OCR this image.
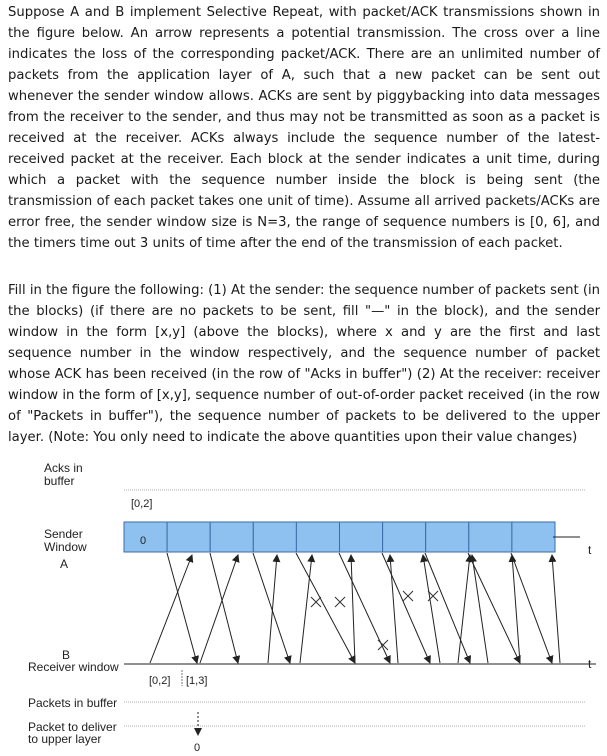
Suppose A and B implement Selective Repeat, with packet/ACK transmissions shown in the figure below. An arrow represents a potential transmission. The cross over a line indicates the loss of the corresponding packet/ACK. There are an unlimited number of packets from the application layer of A, such that a new packet can be sent out whenever the sender window allows. ACKs are sent by piggybacking into data messages from the receiver to the sender, and thus may not be transmitted as soon as a packet is received at the receiver. ACKs always include the sequence number of the latest-received packet at the receiver. Each block at the sender indicates a unit time, during which a packet with the sequence number inside the block is being sent (the transmission of each packet takes one unit of time). Assume all arrived packets/ACKs are error free, the sender window size is N=3, the range of sequence numbers is [0, 6], and the timers time out 3 units of time after the end of the transmission of each packet.

Fill in the figure the following: (1) At the sender: the sequence number of packets sent (in the blocks) (if there are no packets to be sent, fill "—" in the block), and the sender window in the form [x,y] (above the blocks), where x and y are the first and last sequence number in the window respectively, and the sequence number of packet whose ACK has been received (in the row of "Acks in buffer") (2) At the receiver: receiver window in the form of [x,y], sequence number of out-of-order packet received (in the row of "Packets in buffer"), the sequence number of packets to be delivered to the upper layer. (Note: You only need to indicate the above quantities upon their value changes)

Acks in
buffer
[0,2]
Sender
Window
A
0
t
B
Receiver window	t
[0,2] [1,3]
Packets in buffer
Packet to deliver
to upper layer
0
